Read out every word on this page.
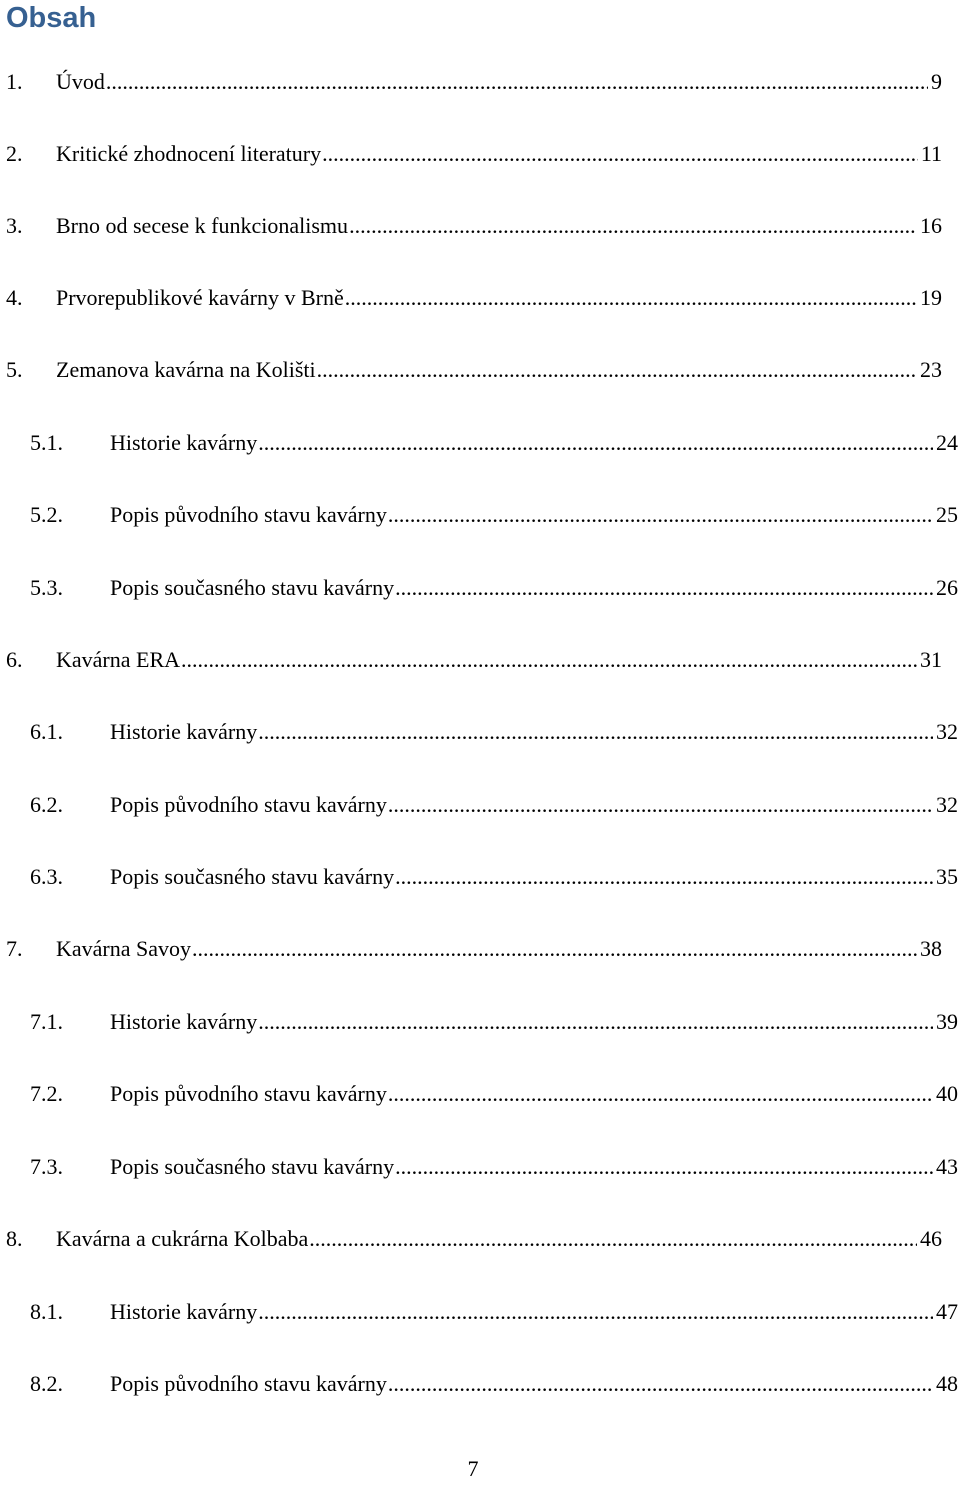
Obsah
1.	Úvod .....	9
2.	Kritické zhodnocení literatury .....	11
3.	Brno od secese k funkcionalismu .....	16
4.	Prvorepublikové kavárny v Brně .....	19
5.	Zemanova kavárna na Kolišti .....	23
5.1.	Historie kavárny .....	24
5.2.	Popis původního stavu kavárny .....	25
5.3.	Popis současného stavu kavárny .....	26
6.	Kavárna ERA .....	31
6.1.	Historie kavárny .....	32
6.2.	Popis původního stavu kavárny .....	32
6.3.	Popis současného stavu kavárny .....	35
7.	Kavárna Savoy .....	38
7.1.	Historie kavárny .....	39
7.2.	Popis původního stavu kavárny .....	40
7.3.	Popis současného stavu kavárny .....	43
8.	Kavárna a cukrárna Kolbaba .....	46
8.1.	Historie kavárny .....	47
8.2.	Popis původního stavu kavárny .....	48
7
